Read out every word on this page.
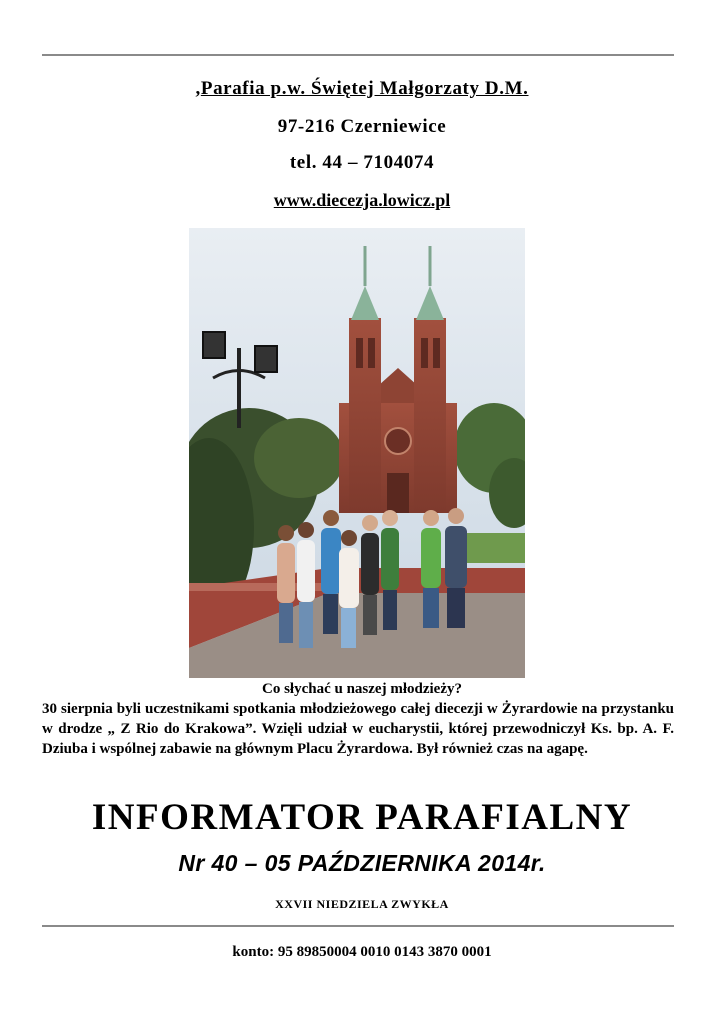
,Parafia p.w. Świętej Małgorzaty D.M.
97-216 Czerniewice
tel. 44 – 7104074
www.diecezja.lowicz.pl
Co słychać u naszej młodzieży?
30 sierpnia byli uczestnikami spotkania młodzieżowego całej diecezji w Żyrardowie na przystanku w drodze „ Z Rio do Krakowa”. Wzięli udział w eucharystii, której przewodniczył Ks. bp. A. F. Dziuba i wspólnej zabawie na głównym Placu Żyrardowa. Był również czas na agapę.
INFORMATOR PARAFIALNY
Nr 40 – 05 PAŹDZIERNIKA 2014r.
XXVII NIEDZIELA ZWYKŁA
konto: 95 89850004 0010 0143 3870 0001
